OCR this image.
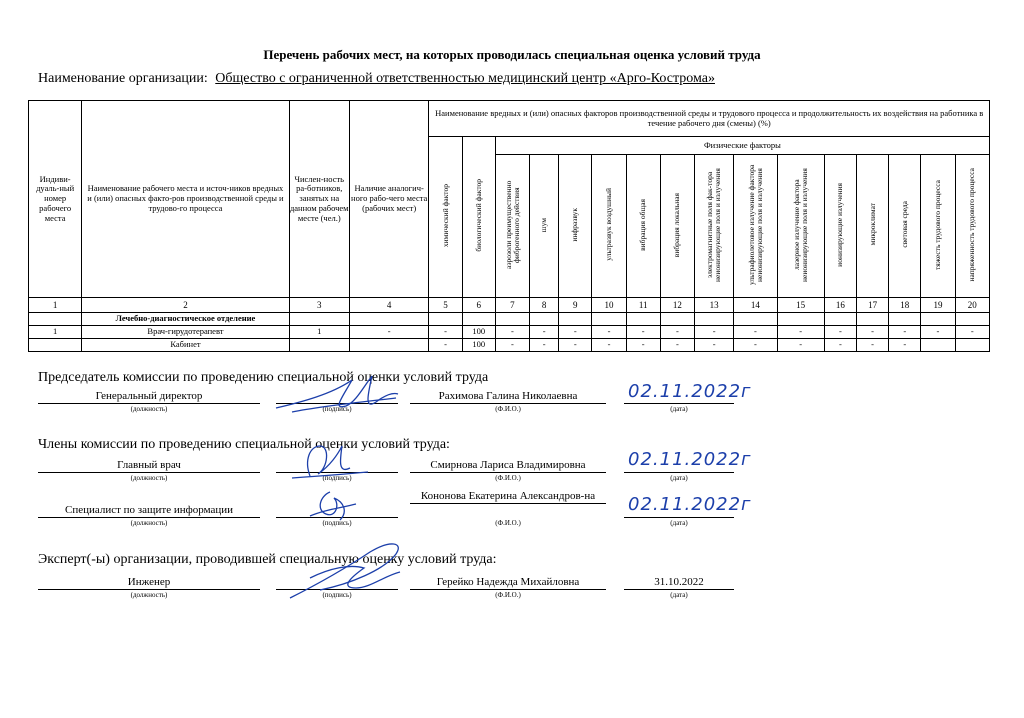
Перечень рабочих мест, на которых проводилась специальная оценка условий труда
Наименование организации: Общество с ограниченной ответственностью медицинский центр «Арго-Кострома»
Индиви-дуаль-ный номер рабочего места	Наименование рабочего места и источ-ников вредных и (или) опасных факто-ров производственной среды и трудово-го процесса	Числен-ность ра-ботников, занятых на данном рабочем месте (чел.)	Наличие аналогич-ного рабо-чего места (рабочих мест)	Наименование вредных и (или) опасных факторов производственной среды и трудового процесса и продолжительность их воздействия на работника в течение рабочего дня (смены) (%)															
				химический фактор	биологический фактор	Физические факторы													
						аэрозоли преимущественно фиброгенного действия	шум	инфразвук	ультразвук воздушный	вибрация общая	вибрация локальная	электромагнитные поля фак-тора неионизирующие поля и излучения	ультрафиолетовое излучение фактора неионизирующие поля и излучения	лазерное излучение фактора неионизирующие поля и излучения	ионизирующие излучения	микроклимат	световая среда	тяжесть трудового процесса	напряженность трудового процесса
1	2	3	4	5	6	7	8	9	10	11	12	13	14	15	16	17	18	19	20
	Лечебно-диагностическое отделение																		
1	Врач-гирудотерапевт	1	-	-	100	-	-	-	-	-	-	-	-	-	-	-	-	-	-
	Кабинет			-	100	-	-	-	-	-	-	-	-	-	-	-	-		
Председатель комиссии по проведению специальной оценки условий труда
Генеральный директор
(должность)	(подпись)
Рахимова Галина Николаевна
(Ф.И.О.)	(дата)
02.11.2022г
Члены комиссии по проведению специальной оценки условий труда:
Главный врач
(должность)	(подпись)
Смирнова Лариса Владимировна
(Ф.И.О.)	(дата)
02.11.2022г
Специалист по защите информации
(должность)	(подпись)
Кононова Екатерина Александров-на
(Ф.И.О.)	(дата)
02.11.2022г
Эксперт(-ы) организации, проводившей специальную оценку условий труда:
Инженер
(должность)	(подпись)
Герейко Надежда Михайловна
(Ф.И.О.)
31.10.2022
(дата)
